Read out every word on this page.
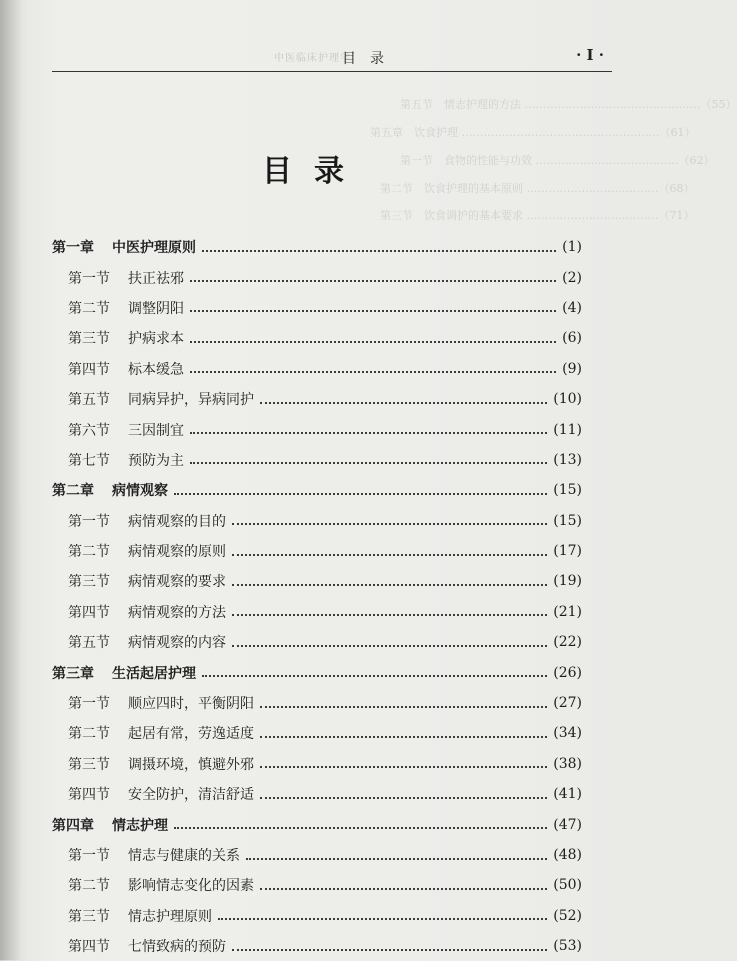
中医临床护理学
目录	· I ·
第五节　情志护理的方法 …………………………………………（55）
第五章　饮食护理 ………………………………………………（61）
第一节　食物的性能与功效 …………………………………（62）
第二节　饮食护理的基本原则 ………………………………（68）
第三节　饮食调护的基本要求 ………………………………（71）
目录
第一章	中医护理原则	(1)
第一节	扶正祛邪	(2)
第二节	调整阴阳	(4)
第三节	护病求本	(6)
第四节	标本缓急	(9)
第五节	同病异护，异病同护	(10)
第六节	三因制宜	(11)
第七节	预防为主	(13)
第二章	病情观察	(15)
第一节	病情观察的目的	(15)
第二节	病情观察的原则	(17)
第三节	病情观察的要求	(19)
第四节	病情观察的方法	(21)
第五节	病情观察的内容	(22)
第三章	生活起居护理	(26)
第一节	顺应四时，平衡阴阳	(27)
第二节	起居有常，劳逸适度	(34)
第三节	调摄环境，慎避外邪	(38)
第四节	安全防护，清洁舒适	(41)
第四章	情志护理	(47)
第一节	情志与健康的关系	(48)
第二节	影响情志变化的因素	(50)
第三节	情志护理原则	(52)
第四节	七情致病的预防	(53)
